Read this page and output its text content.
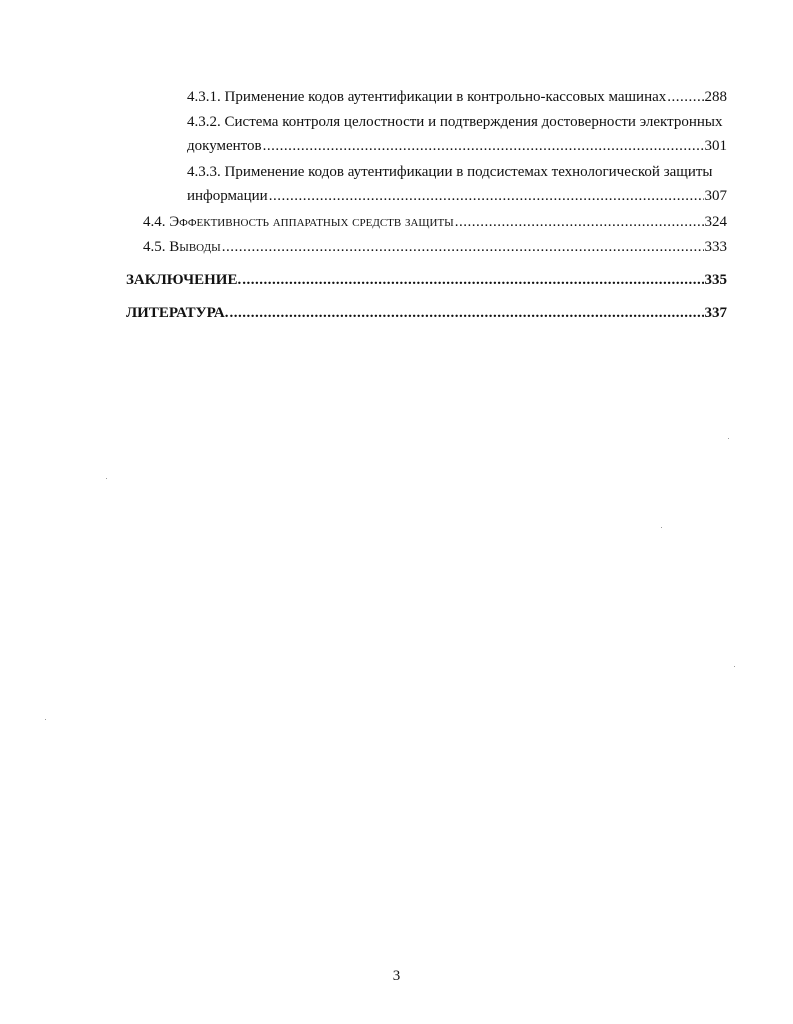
4.3.1. Применение кодов аутентификации в контрольно-кассовых машинах .....	288
4.3.2. Система контроля целостности и подтверждения достоверности электронных
документов .....	301
4.3.3. Применение кодов аутентификации в подсистемах технологической защиты
информации .....	307
4.4. Эффективность аппаратных средств защиты .....	324
4.5. Выводы .....	333
ЗАКЛЮЧЕНИЕ. .....	335
ЛИТЕРАТУРА. .....	337
3
